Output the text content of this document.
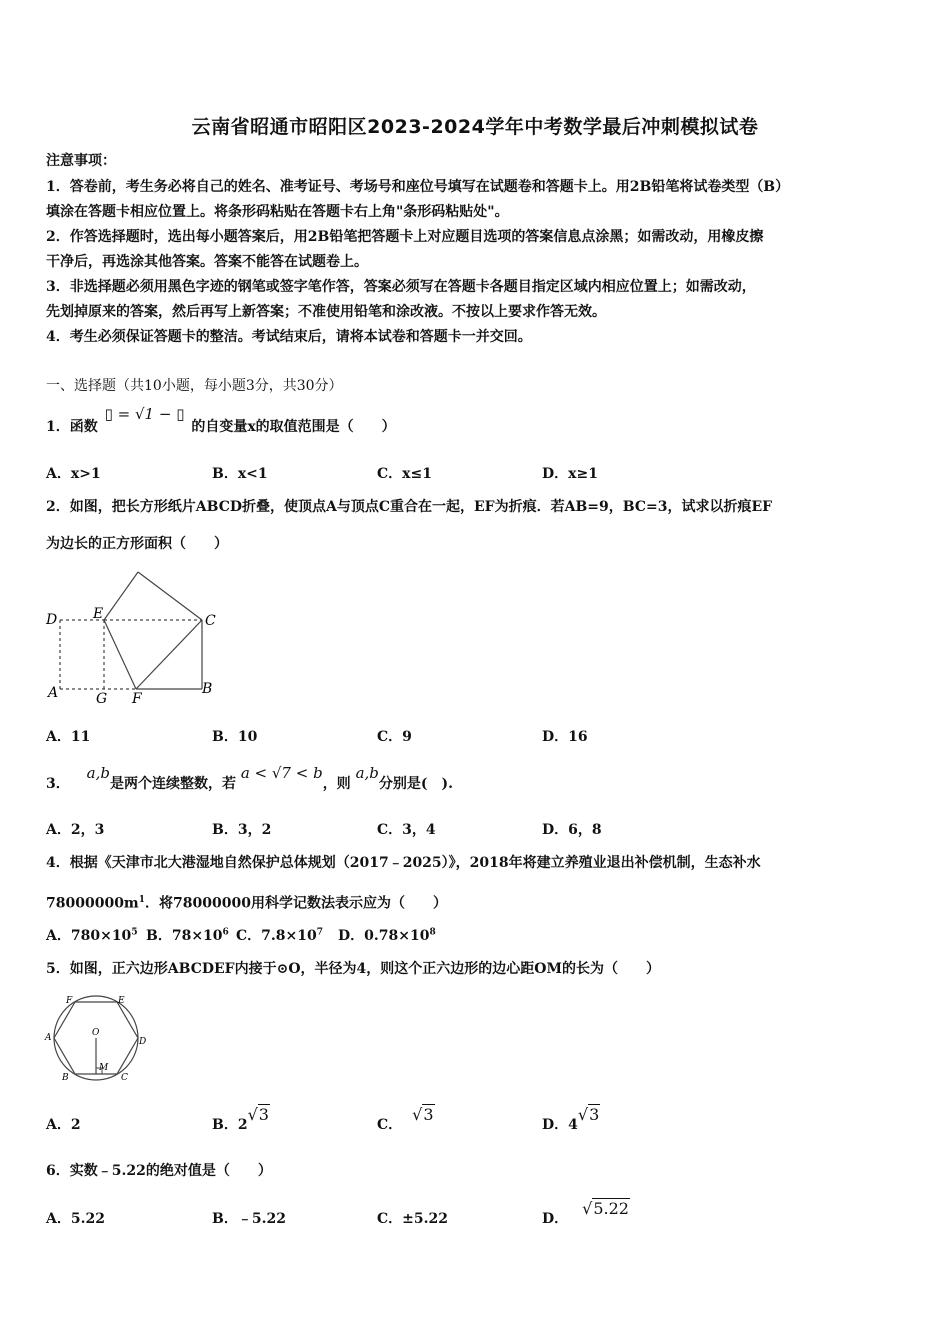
云南省昭通市昭阳区2023-2024学年中考数学最后冲刺模拟试卷
注意事项：
1．答卷前，考生务必将自己的姓名、准考证号、考场号和座位号填写在试题卷和答题卡上。用2B铅笔将试卷类型（B）
填涂在答题卡相应位置上。将条形码粘贴在答题卡右上角"条形码粘贴处"。
2．作答选择题时，选出每小题答案后，用2B铅笔把答题卡上对应题目选项的答案信息点涂黑；如需改动，用橡皮擦
干净后，再选涂其他答案。答案不能答在试题卷上。
3．非选择题必须用黑色字迹的钢笔或签字笔作答，答案必须写在答题卡各题目指定区域内相应位置上；如需改动，
先划掉原来的答案，然后再写上新答案；不准使用铅笔和涂改液。不按以上要求作答无效。
4．考生必须保证答题卡的整洁。考试结束后，请将本试卷和答题卡一并交回。
一、选择题（共10小题，每小题3分，共30分）
1．函数 ▯ = √1 − ▯ 的自变量x的取值范围是（　　）
A．x>1	B．x<1	C．x≤1	D．x≥1
2．如图，把长方形纸片ABCD折叠，使顶点A与顶点C重合在一起，EF为折痕．若AB=9，BC=3，试求以折痕EF
为边长的正方形面积（　　）
D	E	C
A	G F
B
A．11	B．10	C．9	D．16
3． a,b是两个连续整数，若 a < √7 < b，则 a,b分别是(　).
A．2，3	B．3，2	C．3，4	D．6，8
4．根据《天津市北大港湿地自然保护总体规划（2017﹣2025）》，2018年将建立养殖业退出补偿机制，生态补水
$78000000m^1$．将78000000用科学记数法表示应为（　　）
A．$780\times 10^5$ B．$78\times 10^6$ C．$7.8\times 10^7$ D．$0.78\times 10^8$
5．如图，正六边形ABCDEF内接于⊙O，半径为4，则这个正六边形的边心距OM的长为（　　）
F	E
A	O
D
B
M
C
A．2	B．2√3
C．√3
D．4√3
6．实数﹣5.22的绝对值是（　　）
A．5.22	B．﹣5.22	C．±5.22	D．√5.22
